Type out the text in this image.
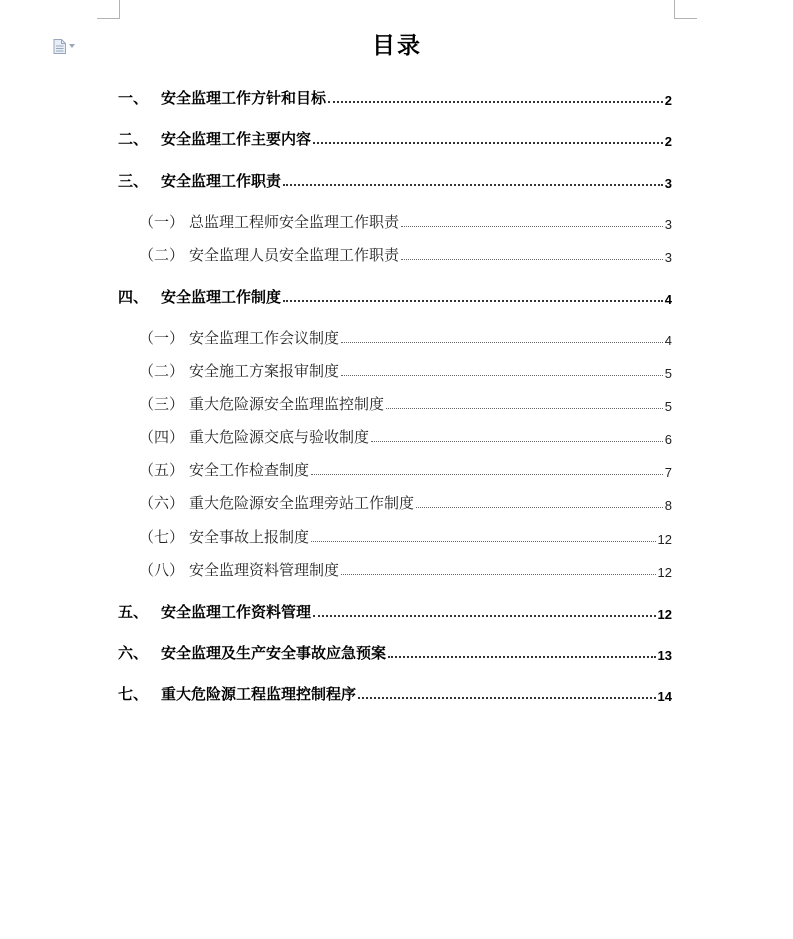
目录
一、 安全监理工作方针和目标	2
二、 安全监理工作主要内容	2
三、 安全监理工作职责	3
（一） 总监理工程师安全监理工作职责	3
（二） 安全监理人员安全监理工作职责	3
四、 安全监理工作制度	4
（一） 安全监理工作会议制度	4
（二） 安全施工方案报审制度	5
（三） 重大危险源安全监理监控制度	5
（四） 重大危险源交底与验收制度	6
（五） 安全工作检查制度	7
（六） 重大危险源安全监理旁站工作制度	8
（七） 安全事故上报制度	12
（八） 安全监理资料管理制度	12
五、 安全监理工作资料管理	12
六、 安全监理及生产安全事故应急预案	13
七、 重大危险源工程监理控制程序	14
